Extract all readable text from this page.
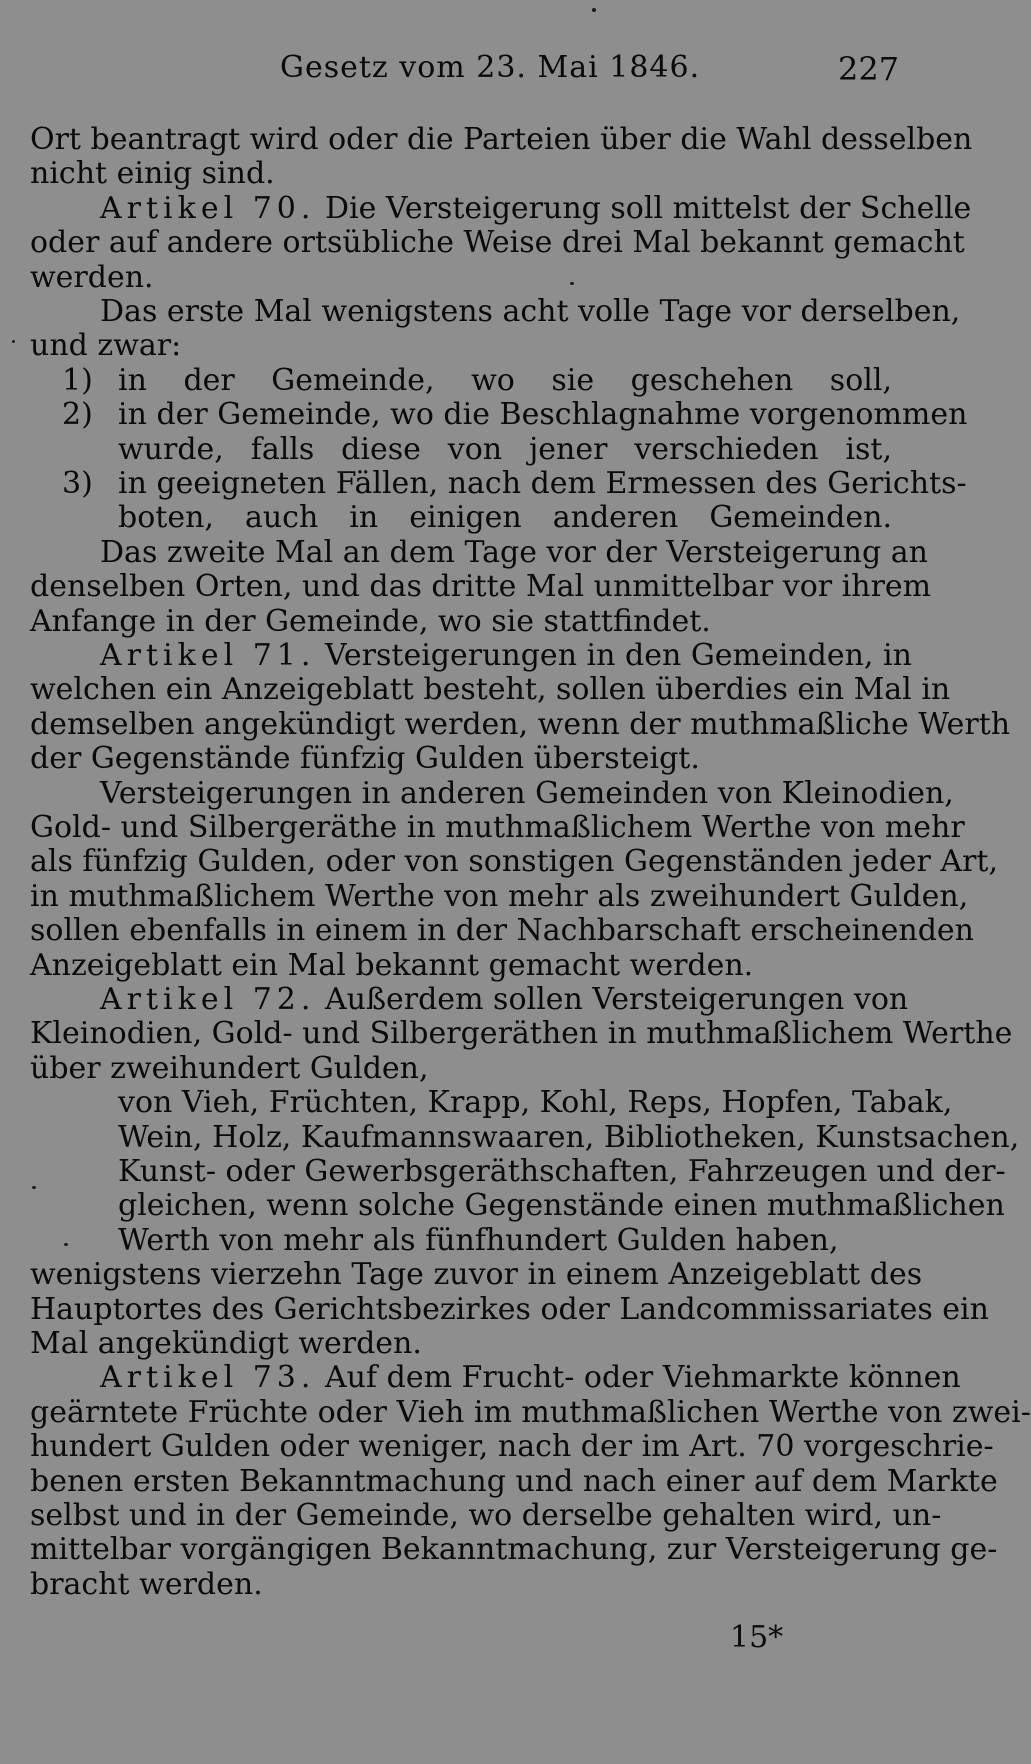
Gesetz vom 23. Mai 1846.	227
Ort beantragt wird oder die Parteien über die Wahl desselben
nicht einig sind.
Artikel 70. Die Versteigerung soll mittelst der Schelle
oder auf andere ortsübliche Weise drei Mal bekannt gemacht
werden.
Das erste Mal wenigstens acht volle Tage vor derselben,
und zwar:
1) in der Gemeinde, wo sie geschehen soll,
2) in der Gemeinde, wo die Beschlagnahme vorgenommen
wurde, falls diese von jener verschieden ist,
3) in geeigneten Fällen, nach dem Ermessen des Gerichts-
boten, auch in einigen anderen Gemeinden.
Das zweite Mal an dem Tage vor der Versteigerung an
denselben Orten, und das dritte Mal unmittelbar vor ihrem
Anfange in der Gemeinde, wo sie stattfindet.
Artikel 71. Versteigerungen in den Gemeinden, in
welchen ein Anzeigeblatt besteht, sollen überdies ein Mal in
demselben angekündigt werden, wenn der muthmaßliche Werth
der Gegenstände fünfzig Gulden übersteigt.
Versteigerungen in anderen Gemeinden von Kleinodien,
Gold- und Silbergeräthe in muthmaßlichem Werthe von mehr
als fünfzig Gulden, oder von sonstigen Gegenständen jeder Art,
in muthmaßlichem Werthe von mehr als zweihundert Gulden,
sollen ebenfalls in einem in der Nachbarschaft erscheinenden
Anzeigeblatt ein Mal bekannt gemacht werden.
Artikel 72. Außerdem sollen Versteigerungen von
Kleinodien, Gold- und Silbergeräthen in muthmaßlichem Werthe
über zweihundert Gulden,
von Vieh, Früchten, Krapp, Kohl, Reps, Hopfen, Tabak,
Wein, Holz, Kaufmannswaaren, Bibliotheken, Kunstsachen,
Kunst- oder Gewerbsgeräthschaften, Fahrzeugen und der-
gleichen, wenn solche Gegenstände einen muthmaßlichen
Werth von mehr als fünfhundert Gulden haben,
wenigstens vierzehn Tage zuvor in einem Anzeigeblatt des
Hauptortes des Gerichtsbezirkes oder Landcommissariates ein
Mal angekündigt werden.
Artikel 73. Auf dem Frucht- oder Viehmarkte können
geärntete Früchte oder Vieh im muthmaßlichen Werthe von zwei-
hundert Gulden oder weniger, nach der im Art. 70 vorgeschrie-
benen ersten Bekanntmachung und nach einer auf dem Markte
selbst und in der Gemeinde, wo derselbe gehalten wird, un-
mittelbar vorgängigen Bekanntmachung, zur Versteigerung ge-
bracht werden.
15*
